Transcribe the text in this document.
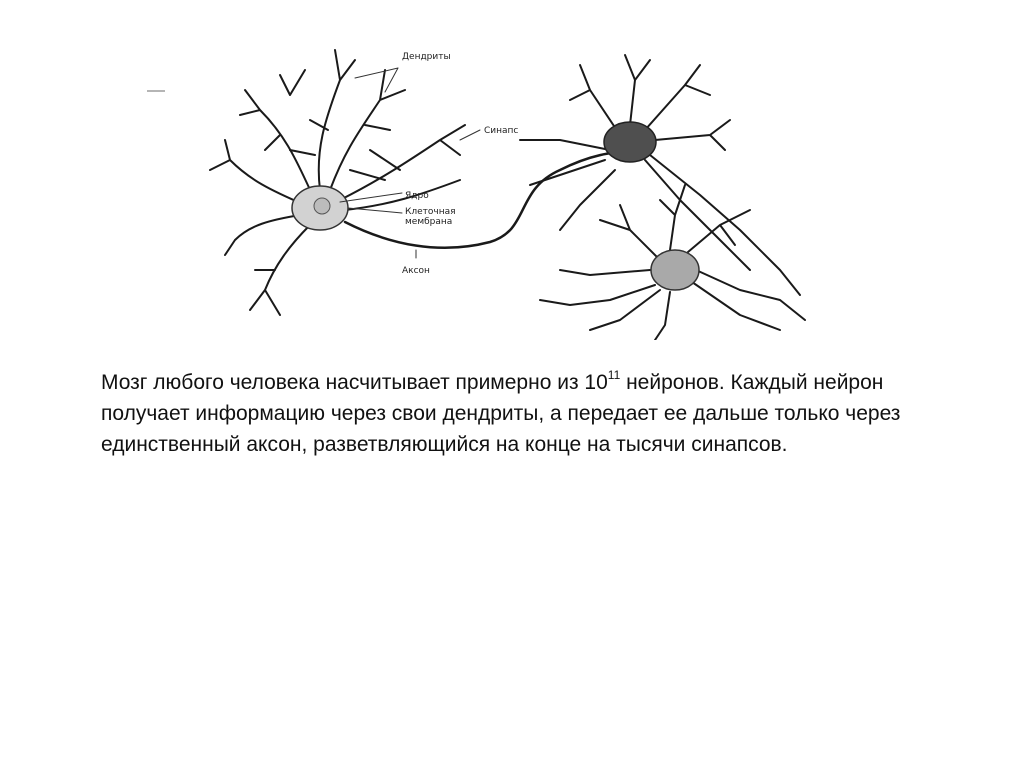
Дендриты
Синапс
Ядро
Клеточная
мембрана
Аксон

Мозг любого человека насчитывает примерно из $10^{11}$ нейронов. Каждый нейрон получает информацию через свои дендриты, а передает ее дальше только через единственный аксон, разветвляющийся на конце на тысячи синапсов.
